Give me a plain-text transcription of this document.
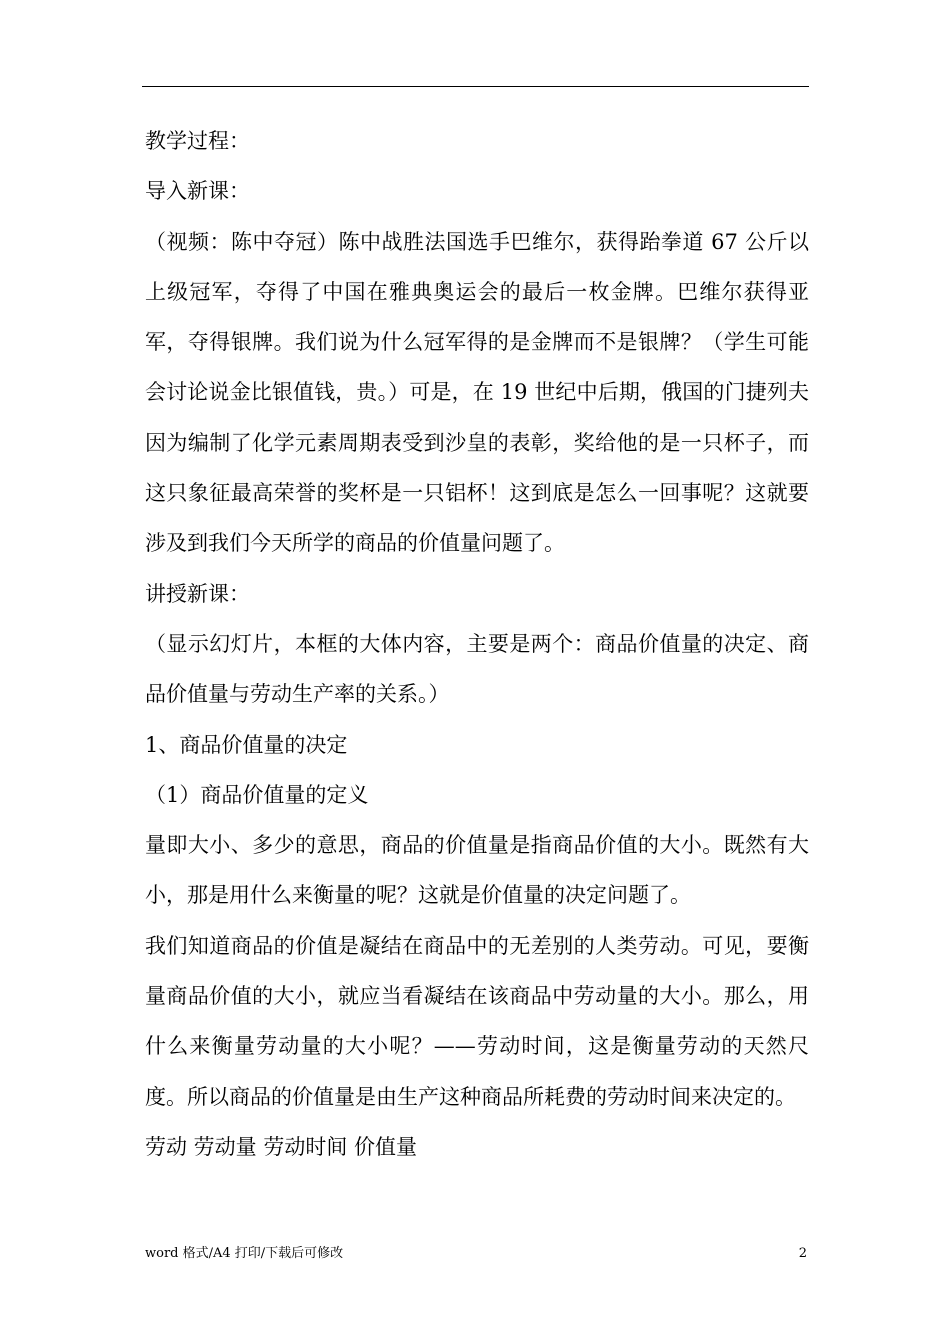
教学过程：

导入新课：

（视频：陈中夺冠）陈中战胜法国选手巴维尔，获得跆拳道 67 公斤以上级冠军，夺得了中国在雅典奥运会的最后一枚金牌。巴维尔获得亚军，夺得银牌。我们说为什么冠军得的是金牌而不是银牌？（学生可能会讨论说金比银值钱，贵。）可是，在 19 世纪中后期，俄国的门捷列夫因为编制了化学元素周期表受到沙皇的表彰，奖给他的是一只杯子，而这只象征最高荣誉的奖杯是一只铝杯！这到底是怎么一回事呢？这就要涉及到我们今天所学的商品的价值量问题了。

讲授新课：

（显示幻灯片，本框的大体内容，主要是两个：商品价值量的决定、商品价值量与劳动生产率的关系。）

1、商品价值量的决定

（1）商品价值量的定义

量即大小、多少的意思，商品的价值量是指商品价值的大小。既然有大小，那是用什么来衡量的呢？这就是价值量的决定问题了。

我们知道商品的价值是凝结在商品中的无差别的人类劳动。可见，要衡量商品价值的大小，就应当看凝结在该商品中劳动量的大小。那么，用什么来衡量劳动量的大小呢？——劳动时间，这是衡量劳动的天然尺度。所以商品的价值量是由生产这种商品所耗费的劳动时间来决定的。

劳动 劳动量 劳动时间 价值量

word 格式/A4 打印/下载后可修改	2
